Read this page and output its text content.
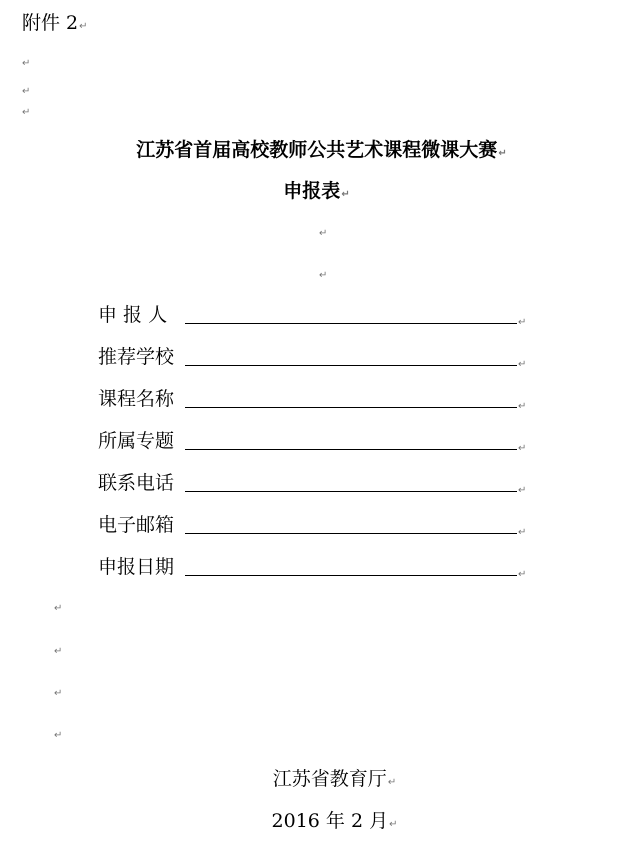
附件 2↵
↵
↵
↵
江苏省首届高校教师公共艺术课程微课大赛↵
申报表↵
↵
↵
申 报 人	↵
推荐学校	↵
课程名称	↵
所属专题	↵
联系电话	↵
电子邮箱	↵
申报日期	↵
↵
↵
↵
↵
江苏省教育厅↵
2016 年 2 月↵
